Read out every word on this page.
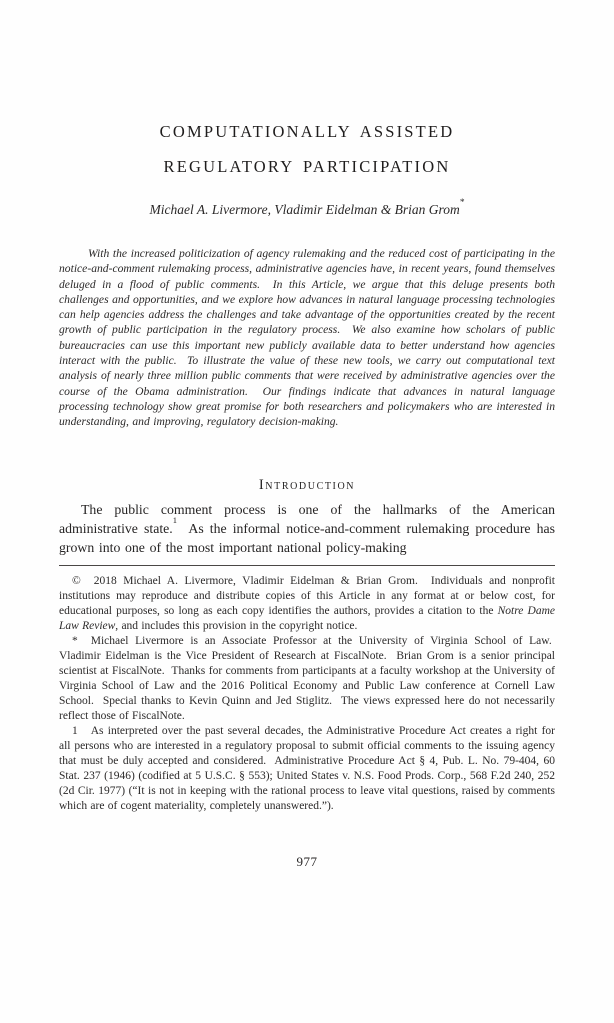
COMPUTATIONALLY ASSISTED
REGULATORY PARTICIPATION
Michael A. Livermore, Vladimir Eidelman & Brian Grom*

With the increased politicization of agency rulemaking and the reduced cost of participating in the notice-and-comment rulemaking process, administrative agencies have, in recent years, found themselves deluged in a flood of public comments.  In this Article, we argue that this deluge presents both challenges and opportunities, and we explore how advances in natural language processing technologies can help agencies address the challenges and take advantage of the opportunities created by the recent growth of public participation in the regulatory process.  We also examine how scholars of public bureaucracies can use this important new publicly available data to better understand how agencies interact with the public.  To illustrate the value of these new tools, we carry out computational text analysis of nearly three million public comments that were received by administrative agencies over the course of the Obama administration.  Our findings indicate that advances in natural language processing technology show great promise for both researchers and policymakers who are interested in understanding, and improving, regulatory decision-making.

Introduction

The public comment process is one of the hallmarks of the American administrative state.$^1$  As the informal notice-and-comment rulemaking procedure has grown into one of the most important national policy-making

© 2018 Michael A. Livermore, Vladimir Eidelman & Brian Grom.  Individuals and nonprofit institutions may reproduce and distribute copies of this Article in any format at or below cost, for educational purposes, so long as each copy identifies the authors, provides a citation to the Notre Dame Law Review, and includes this provision in the copyright notice.

* Michael Livermore is an Associate Professor at the University of Virginia School of Law.  Vladimir Eidelman is the Vice President of Research at FiscalNote.  Brian Grom is a senior principal scientist at FiscalNote.  Thanks for comments from participants at a faculty workshop at the University of Virginia School of Law and the 2016 Political Economy and Public Law conference at Cornell Law School.  Special thanks to Kevin Quinn and Jed Stiglitz.  The views expressed here do not necessarily reflect those of FiscalNote.

1 As interpreted over the past several decades, the Administrative Procedure Act creates a right for all persons who are interested in a regulatory proposal to submit official comments to the issuing agency that must be duly accepted and considered.  Administrative Procedure Act § 4, Pub. L. No. 79-404, 60 Stat. 237 (1946) (codified at 5 U.S.C. § 553); United States v. N.S. Food Prods. Corp., 568 F.2d 240, 252 (2d Cir. 1977) (“It is not in keeping with the rational process to leave vital questions, raised by comments which are of cogent materiality, completely unanswered.”).

977
